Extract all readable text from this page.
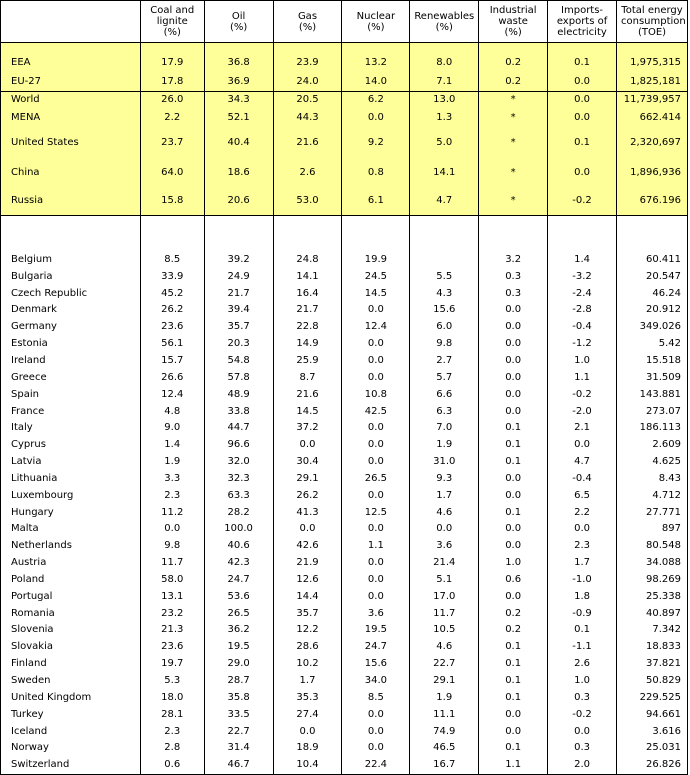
	Coal and
lignite
(%)	Oil
(%)	Gas
(%)	Nuclear
(%)	Renewables
(%)	Industrial
waste
(%)	Imports-
exports of
electricity	Total energy
consumption
(TOE)

EEA	17.9	36.8	23.9	13.2	8.0	0.2	0.1	1,975,315
EU-27	17.8	36.9	24.0	14.0	7.1	0.2	0.0	1,825,181
World	26.0	34.3	20.5	6.2	13.0	*	0.0	11,739,957
MENA	2.2	52.1	44.3	0.0	1.3	*	0.0	662.414
United States	23.7	40.4	21.6	9.2	5.0	*	0.1	2,320,697
China	64.0	18.6	2.6	0.8	14.1	*	0.0	1,896,936
Russia	15.8	20.6	53.0	6.1	4.7	*	-0.2	676.196

Belgium	8.5	39.2	24.8	19.9		3.2	1.4	60.411
Bulgaria	33.9	24.9	14.1	24.5	5.5	0.3	-3.2	20.547
Czech Republic	45.2	21.7	16.4	14.5	4.3	0.3	-2.4	46.24
Denmark	26.2	39.4	21.7	0.0	15.6	0.0	-2.8	20.912
Germany	23.6	35.7	22.8	12.4	6.0	0.0	-0.4	349.026
Estonia	56.1	20.3	14.9	0.0	9.8	0.0	-1.2	5.42
Ireland	15.7	54.8	25.9	0.0	2.7	0.0	1.0	15.518
Greece	26.6	57.8	8.7	0.0	5.7	0.0	1.1	31.509
Spain	12.4	48.9	21.6	10.8	6.6	0.0	-0.2	143.881
France	4.8	33.8	14.5	42.5	6.3	0.0	-2.0	273.07
Italy	9.0	44.7	37.2	0.0	7.0	0.1	2.1	186.113
Cyprus	1.4	96.6	0.0	0.0	1.9	0.1	0.0	2.609
Latvia	1.9	32.0	30.4	0.0	31.0	0.1	4.7	4.625
Lithuania	3.3	32.3	29.1	26.5	9.3	0.0	-0.4	8.43
Luxembourg	2.3	63.3	26.2	0.0	1.7	0.0	6.5	4.712
Hungary	11.2	28.2	41.3	12.5	4.6	0.1	2.2	27.771
Malta	0.0	100.0	0.0	0.0	0.0	0.0	0.0	897
Netherlands	9.8	40.6	42.6	1.1	3.6	0.0	2.3	80.548
Austria	11.7	42.3	21.9	0.0	21.4	1.0	1.7	34.088
Poland	58.0	24.7	12.6	0.0	5.1	0.6	-1.0	98.269
Portugal	13.1	53.6	14.4	0.0	17.0	0.0	1.8	25.338
Romania	23.2	26.5	35.7	3.6	11.7	0.2	-0.9	40.897
Slovenia	21.3	36.2	12.2	19.5	10.5	0.2	0.1	7.342
Slovakia	23.6	19.5	28.6	24.7	4.6	0.1	-1.1	18.833
Finland	19.7	29.0	10.2	15.6	22.7	0.1	2.6	37.821
Sweden	5.3	28.7	1.7	34.0	29.1	0.1	1.0	50.829
United Kingdom	18.0	35.8	35.3	8.5	1.9	0.1	0.3	229.525
Turkey	28.1	33.5	27.4	0.0	11.1	0.0	-0.2	94.661
Iceland	2.3	22.7	0.0	0.0	74.9	0.0	0.0	3.616
Norway	2.8	31.4	18.9	0.0	46.5	0.1	0.3	25.031
Switzerland	0.6	46.7	10.4	22.4	16.7	1.1	2.0	26.826
